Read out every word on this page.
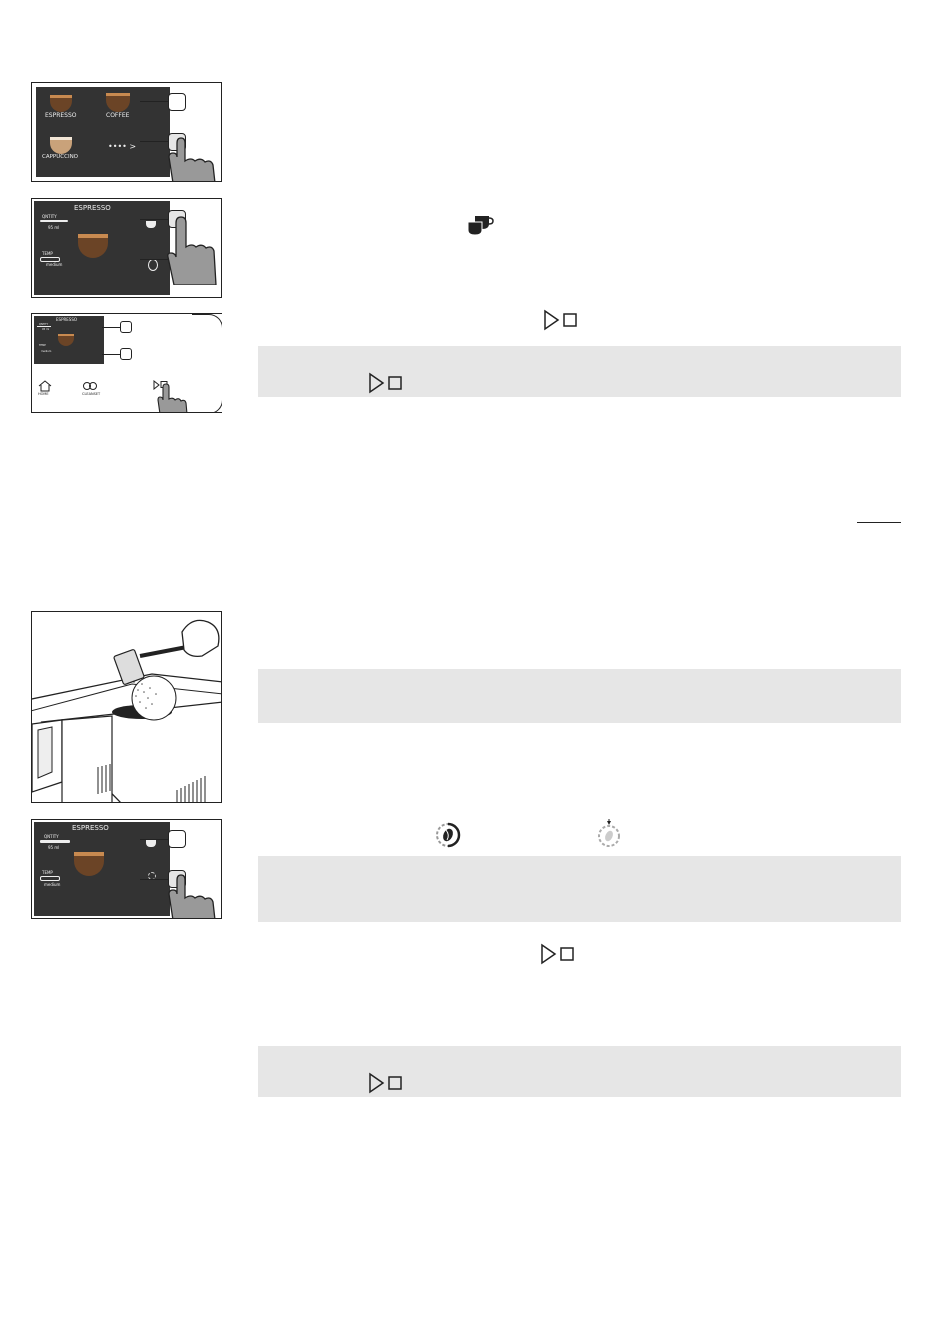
ESPRESSO	COFFEE
CAPPUCCINO
•••• >
ESPRESSO
QNTITY
95 ml
TEMP
medium
ESPRESSO
QNTITY
95 ml
TEMP
medium
HOME	CLEANSET
ESPRESSO
QNTITY
95 ml
TEMP
medium
